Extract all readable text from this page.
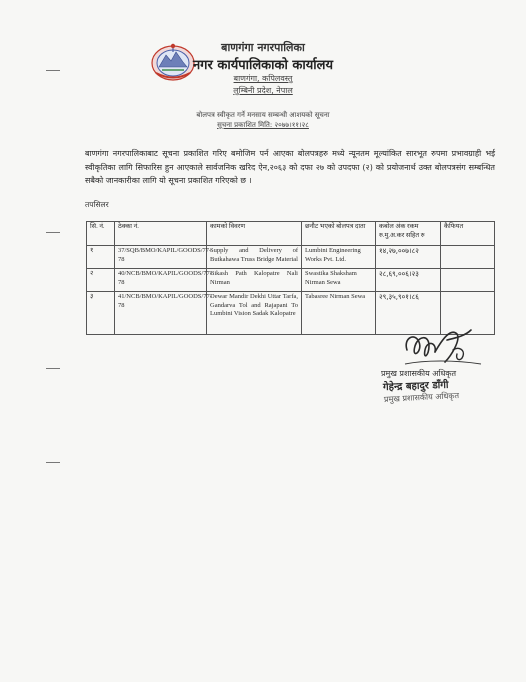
बाणगंगा नगरपालिका
नगर कार्यपालिकाको कार्यालय
बाणगंगा, कपिलवस्तु
लुम्बिनी प्रदेश, नेपाल
बोलपत्र स्वीकृत गर्ने मनसाय सम्बन्धी आशयको सूचना
सूचना प्रकाशित मिति: २०७७।११।२८
बाणगंगा नगरपालिकाबाट सूचना प्रकाशित गरिए बमोजिम पर्न आएका बोलपत्रहरु मध्ये न्यूनतम मूल्यांकित सारभूत रुपमा प्रभावग्राही भई स्वीकृतिका लागि सिफारिस हुन आएकाले सार्वजनिक खरिद ऐन,२०६३ को दफा २७ को उपदफा (२) को प्रयोजनार्थ उक्त बोलपत्रसंग सम्बन्धित सबैको जानकारीका लागि यो सूचना प्रकाशित गरिएको छ ।
तपसिलर
सि. नं.	ठेक्का नं.	कामको विवरण	छनौट भएको बोलपत्र दाता	कबोल अंक रकम रु.मु.अ.कर सहित रु	कैफियत
१	37/SQB/BMO/KAPIL/GOODS/77-78	Supply and Delivery of Butkahawa Truss Bridge Material	Lumbini Engineering Works Pvt. Ltd.	१४,२७,००७।८२	
२	40/NCB/BMO/KAPIL/GOODS/77-78	Bikash Path Kalopatre Nali Nirman	Swastika Shaksham Nirman Sewa	२८,६९,००६।२३	
३	41/NCB/BMO/KAPIL/GOODS/77-78	Dewar Mandir Dekhi Uttar Tarfa, Gandarva Tol and Rajapani To Lumbini Vision Sadak Kalopatre	Tabasree Nirman Sewa	२९,३५,९०१।८६	
प्रमुख प्रशासकीय अधिकृत
गेहेन्द्र बहादुर डाँगी
प्रमुख प्रशासकीय अधिकृत
